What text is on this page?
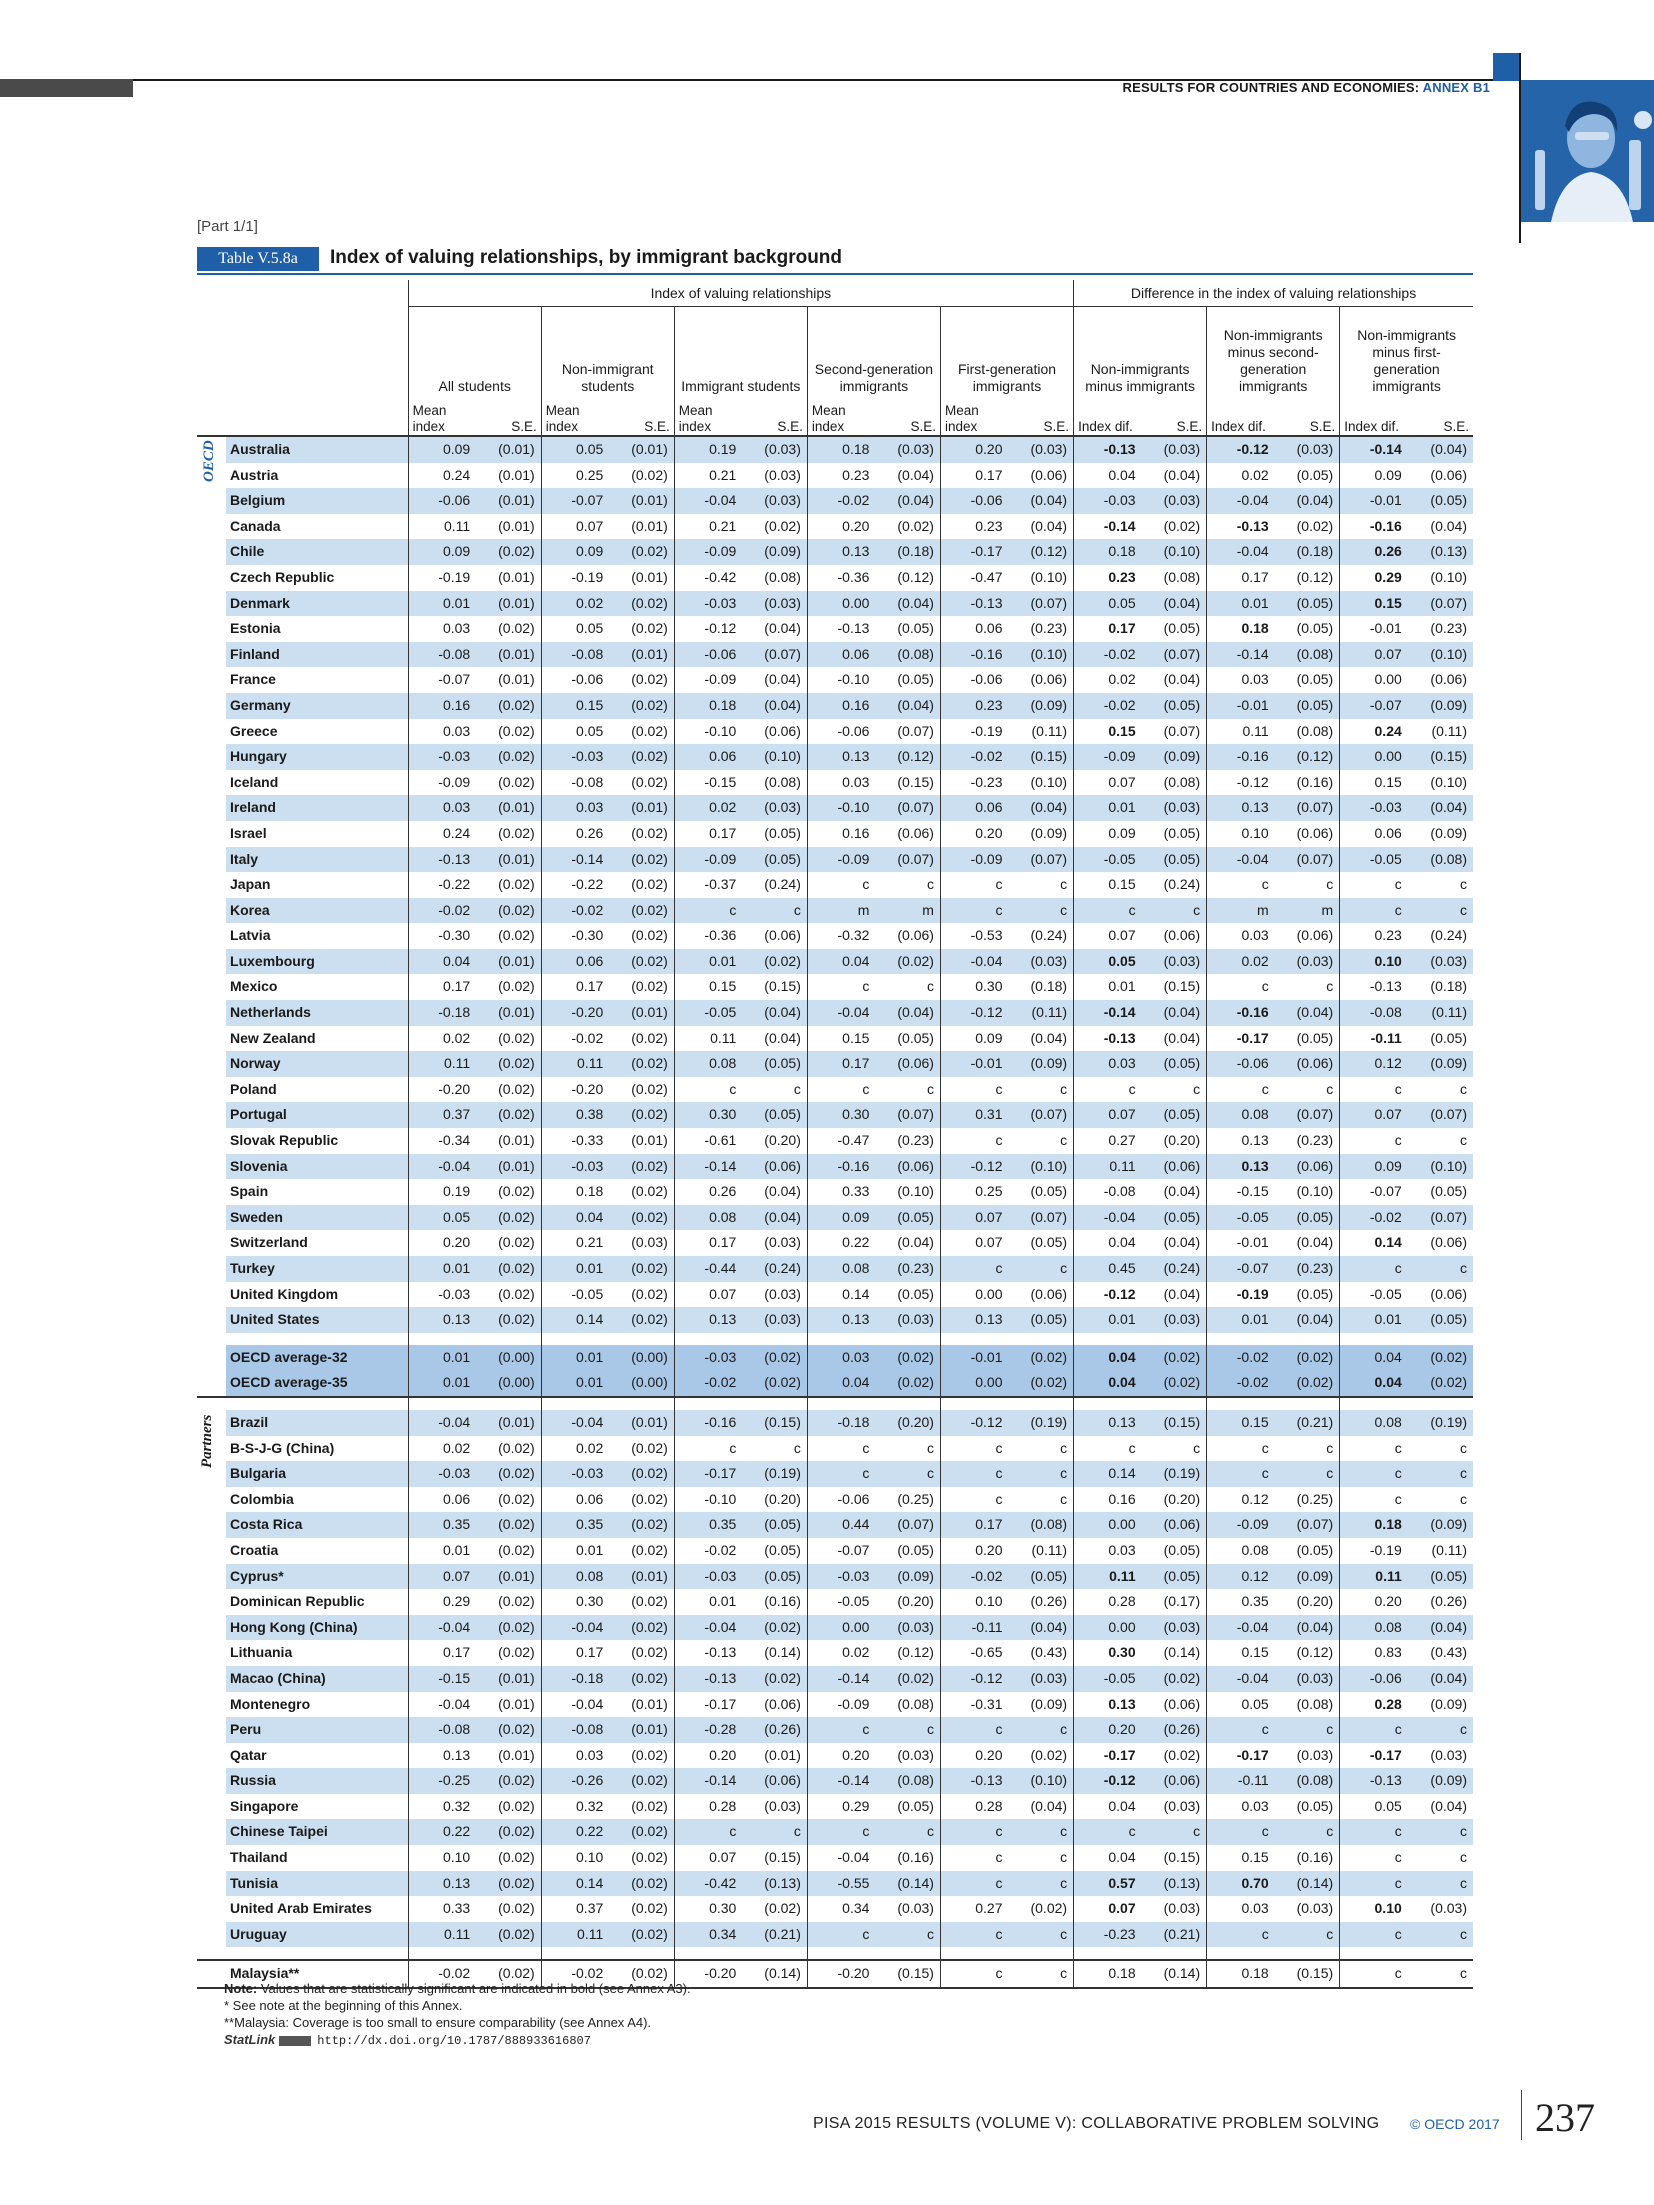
RESULTS FOR COUNTRIES AND ECONOMIES: ANNEX B1
[Part 1/1]
Table V.5.8a	Index of valuing relationships, by immigrant background
OECD
Partners
		Index of valuing relationships										Difference in the index of valuing relationships					
		All students		Non-immigrant students		Immigrant students		Second-generation immigrants		First-generation immigrants		Non-immigrants minus immigrants		Non-immigrants minus second-generation immigrants		Non-immigrants minus first-generation immigrants	
		Mean index	S.E.	Mean index	S.E.	Mean index	S.E.	Mean index	S.E.	Mean index	S.E.	Index dif.	S.E.	Index dif.	S.E.	Index dif.	S.E.
	Australia	0.09	(0.01)	0.05	(0.01)	0.19	(0.03)	0.18	(0.03)	0.20	(0.03)	-0.13	(0.03)	-0.12	(0.03)	-0.14	(0.04)
	Austria	0.24	(0.01)	0.25	(0.02)	0.21	(0.03)	0.23	(0.04)	0.17	(0.06)	0.04	(0.04)	0.02	(0.05)	0.09	(0.06)
	Belgium	-0.06	(0.01)	-0.07	(0.01)	-0.04	(0.03)	-0.02	(0.04)	-0.06	(0.04)	-0.03	(0.03)	-0.04	(0.04)	-0.01	(0.05)
	Canada	0.11	(0.01)	0.07	(0.01)	0.21	(0.02)	0.20	(0.02)	0.23	(0.04)	-0.14	(0.02)	-0.13	(0.02)	-0.16	(0.04)
	Chile	0.09	(0.02)	0.09	(0.02)	-0.09	(0.09)	0.13	(0.18)	-0.17	(0.12)	0.18	(0.10)	-0.04	(0.18)	0.26	(0.13)
	Czech Republic	-0.19	(0.01)	-0.19	(0.01)	-0.42	(0.08)	-0.36	(0.12)	-0.47	(0.10)	0.23	(0.08)	0.17	(0.12)	0.29	(0.10)
	Denmark	0.01	(0.01)	0.02	(0.02)	-0.03	(0.03)	0.00	(0.04)	-0.13	(0.07)	0.05	(0.04)	0.01	(0.05)	0.15	(0.07)
	Estonia	0.03	(0.02)	0.05	(0.02)	-0.12	(0.04)	-0.13	(0.05)	0.06	(0.23)	0.17	(0.05)	0.18	(0.05)	-0.01	(0.23)
	Finland	-0.08	(0.01)	-0.08	(0.01)	-0.06	(0.07)	0.06	(0.08)	-0.16	(0.10)	-0.02	(0.07)	-0.14	(0.08)	0.07	(0.10)
	France	-0.07	(0.01)	-0.06	(0.02)	-0.09	(0.04)	-0.10	(0.05)	-0.06	(0.06)	0.02	(0.04)	0.03	(0.05)	0.00	(0.06)
	Germany	0.16	(0.02)	0.15	(0.02)	0.18	(0.04)	0.16	(0.04)	0.23	(0.09)	-0.02	(0.05)	-0.01	(0.05)	-0.07	(0.09)
	Greece	0.03	(0.02)	0.05	(0.02)	-0.10	(0.06)	-0.06	(0.07)	-0.19	(0.11)	0.15	(0.07)	0.11	(0.08)	0.24	(0.11)
	Hungary	-0.03	(0.02)	-0.03	(0.02)	0.06	(0.10)	0.13	(0.12)	-0.02	(0.15)	-0.09	(0.09)	-0.16	(0.12)	0.00	(0.15)
	Iceland	-0.09	(0.02)	-0.08	(0.02)	-0.15	(0.08)	0.03	(0.15)	-0.23	(0.10)	0.07	(0.08)	-0.12	(0.16)	0.15	(0.10)
	Ireland	0.03	(0.01)	0.03	(0.01)	0.02	(0.03)	-0.10	(0.07)	0.06	(0.04)	0.01	(0.03)	0.13	(0.07)	-0.03	(0.04)
	Israel	0.24	(0.02)	0.26	(0.02)	0.17	(0.05)	0.16	(0.06)	0.20	(0.09)	0.09	(0.05)	0.10	(0.06)	0.06	(0.09)
	Italy	-0.13	(0.01)	-0.14	(0.02)	-0.09	(0.05)	-0.09	(0.07)	-0.09	(0.07)	-0.05	(0.05)	-0.04	(0.07)	-0.05	(0.08)
	Japan	-0.22	(0.02)	-0.22	(0.02)	-0.37	(0.24)	c	c	c	c	0.15	(0.24)	c	c	c	c
	Korea	-0.02	(0.02)	-0.02	(0.02)	c	c	m	m	c	c	c	c	m	m	c	c
	Latvia	-0.30	(0.02)	-0.30	(0.02)	-0.36	(0.06)	-0.32	(0.06)	-0.53	(0.24)	0.07	(0.06)	0.03	(0.06)	0.23	(0.24)
	Luxembourg	0.04	(0.01)	0.06	(0.02)	0.01	(0.02)	0.04	(0.02)	-0.04	(0.03)	0.05	(0.03)	0.02	(0.03)	0.10	(0.03)
	Mexico	0.17	(0.02)	0.17	(0.02)	0.15	(0.15)	c	c	0.30	(0.18)	0.01	(0.15)	c	c	-0.13	(0.18)
	Netherlands	-0.18	(0.01)	-0.20	(0.01)	-0.05	(0.04)	-0.04	(0.04)	-0.12	(0.11)	-0.14	(0.04)	-0.16	(0.04)	-0.08	(0.11)
	New Zealand	0.02	(0.02)	-0.02	(0.02)	0.11	(0.04)	0.15	(0.05)	0.09	(0.04)	-0.13	(0.04)	-0.17	(0.05)	-0.11	(0.05)
	Norway	0.11	(0.02)	0.11	(0.02)	0.08	(0.05)	0.17	(0.06)	-0.01	(0.09)	0.03	(0.05)	-0.06	(0.06)	0.12	(0.09)
	Poland	-0.20	(0.02)	-0.20	(0.02)	c	c	c	c	c	c	c	c	c	c	c	c
	Portugal	0.37	(0.02)	0.38	(0.02)	0.30	(0.05)	0.30	(0.07)	0.31	(0.07)	0.07	(0.05)	0.08	(0.07)	0.07	(0.07)
	Slovak Republic	-0.34	(0.01)	-0.33	(0.01)	-0.61	(0.20)	-0.47	(0.23)	c	c	0.27	(0.20)	0.13	(0.23)	c	c
	Slovenia	-0.04	(0.01)	-0.03	(0.02)	-0.14	(0.06)	-0.16	(0.06)	-0.12	(0.10)	0.11	(0.06)	0.13	(0.06)	0.09	(0.10)
	Spain	0.19	(0.02)	0.18	(0.02)	0.26	(0.04)	0.33	(0.10)	0.25	(0.05)	-0.08	(0.04)	-0.15	(0.10)	-0.07	(0.05)
	Sweden	0.05	(0.02)	0.04	(0.02)	0.08	(0.04)	0.09	(0.05)	0.07	(0.07)	-0.04	(0.05)	-0.05	(0.05)	-0.02	(0.07)
	Switzerland	0.20	(0.02)	0.21	(0.03)	0.17	(0.03)	0.22	(0.04)	0.07	(0.05)	0.04	(0.04)	-0.01	(0.04)	0.14	(0.06)
	Turkey	0.01	(0.02)	0.01	(0.02)	-0.44	(0.24)	0.08	(0.23)	c	c	0.45	(0.24)	-0.07	(0.23)	c	c
	United Kingdom	-0.03	(0.02)	-0.05	(0.02)	0.07	(0.03)	0.14	(0.05)	0.00	(0.06)	-0.12	(0.04)	-0.19	(0.05)	-0.05	(0.06)
	United States	0.13	(0.02)	0.14	(0.02)	0.13	(0.03)	0.13	(0.03)	0.13	(0.05)	0.01	(0.03)	0.01	(0.04)	0.01	(0.05)

	OECD average-32	0.01	(0.00)	0.01	(0.00)	-0.03	(0.02)	0.03	(0.02)	-0.01	(0.02)	0.04	(0.02)	-0.02	(0.02)	0.04	(0.02)
	OECD average-35	0.01	(0.00)	0.01	(0.00)	-0.02	(0.02)	0.04	(0.02)	0.00	(0.02)	0.04	(0.02)	-0.02	(0.02)	0.04	(0.02)

	Brazil	-0.04	(0.01)	-0.04	(0.01)	-0.16	(0.15)	-0.18	(0.20)	-0.12	(0.19)	0.13	(0.15)	0.15	(0.21)	0.08	(0.19)
	B-S-J-G (China)	0.02	(0.02)	0.02	(0.02)	c	c	c	c	c	c	c	c	c	c	c	c
	Bulgaria	-0.03	(0.02)	-0.03	(0.02)	-0.17	(0.19)	c	c	c	c	0.14	(0.19)	c	c	c	c
	Colombia	0.06	(0.02)	0.06	(0.02)	-0.10	(0.20)	-0.06	(0.25)	c	c	0.16	(0.20)	0.12	(0.25)	c	c
	Costa Rica	0.35	(0.02)	0.35	(0.02)	0.35	(0.05)	0.44	(0.07)	0.17	(0.08)	0.00	(0.06)	-0.09	(0.07)	0.18	(0.09)
	Croatia	0.01	(0.02)	0.01	(0.02)	-0.02	(0.05)	-0.07	(0.05)	0.20	(0.11)	0.03	(0.05)	0.08	(0.05)	-0.19	(0.11)
	Cyprus*	0.07	(0.01)	0.08	(0.01)	-0.03	(0.05)	-0.03	(0.09)	-0.02	(0.05)	0.11	(0.05)	0.12	(0.09)	0.11	(0.05)
	Dominican Republic	0.29	(0.02)	0.30	(0.02)	0.01	(0.16)	-0.05	(0.20)	0.10	(0.26)	0.28	(0.17)	0.35	(0.20)	0.20	(0.26)
	Hong Kong (China)	-0.04	(0.02)	-0.04	(0.02)	-0.04	(0.02)	0.00	(0.03)	-0.11	(0.04)	0.00	(0.03)	-0.04	(0.04)	0.08	(0.04)
	Lithuania	0.17	(0.02)	0.17	(0.02)	-0.13	(0.14)	0.02	(0.12)	-0.65	(0.43)	0.30	(0.14)	0.15	(0.12)	0.83	(0.43)
	Macao (China)	-0.15	(0.01)	-0.18	(0.02)	-0.13	(0.02)	-0.14	(0.02)	-0.12	(0.03)	-0.05	(0.02)	-0.04	(0.03)	-0.06	(0.04)
	Montenegro	-0.04	(0.01)	-0.04	(0.01)	-0.17	(0.06)	-0.09	(0.08)	-0.31	(0.09)	0.13	(0.06)	0.05	(0.08)	0.28	(0.09)
	Peru	-0.08	(0.02)	-0.08	(0.01)	-0.28	(0.26)	c	c	c	c	0.20	(0.26)	c	c	c	c
	Qatar	0.13	(0.01)	0.03	(0.02)	0.20	(0.01)	0.20	(0.03)	0.20	(0.02)	-0.17	(0.02)	-0.17	(0.03)	-0.17	(0.03)
	Russia	-0.25	(0.02)	-0.26	(0.02)	-0.14	(0.06)	-0.14	(0.08)	-0.13	(0.10)	-0.12	(0.06)	-0.11	(0.08)	-0.13	(0.09)
	Singapore	0.32	(0.02)	0.32	(0.02)	0.28	(0.03)	0.29	(0.05)	0.28	(0.04)	0.04	(0.03)	0.03	(0.05)	0.05	(0.04)
	Chinese Taipei	0.22	(0.02)	0.22	(0.02)	c	c	c	c	c	c	c	c	c	c	c	c
	Thailand	0.10	(0.02)	0.10	(0.02)	0.07	(0.15)	-0.04	(0.16)	c	c	0.04	(0.15)	0.15	(0.16)	c	c
	Tunisia	0.13	(0.02)	0.14	(0.02)	-0.42	(0.13)	-0.55	(0.14)	c	c	0.57	(0.13)	0.70	(0.14)	c	c
	United Arab Emirates	0.33	(0.02)	0.37	(0.02)	0.30	(0.02)	0.34	(0.03)	0.27	(0.02)	0.07	(0.03)	0.03	(0.03)	0.10	(0.03)
	Uruguay	0.11	(0.02)	0.11	(0.02)	0.34	(0.21)	c	c	c	c	-0.23	(0.21)	c	c	c	c

	Malaysia**	-0.02	(0.02)	-0.02	(0.02)	-0.20	(0.14)	-0.20	(0.15)	c	c	0.18	(0.14)	0.18	(0.15)	c	c
Note: Values that are statistically significant are indicated in bold (see Annex A3).
* See note at the beginning of this Annex.
**Malaysia: Coverage is too small to ensure comparability (see Annex A4).
StatLink	http://dx.doi.org/10.1787/888933616807
PISA 2015 RESULTS (VOLUME V): COLLABORATIVE PROBLEM SOLVING © OECD 2017 237
